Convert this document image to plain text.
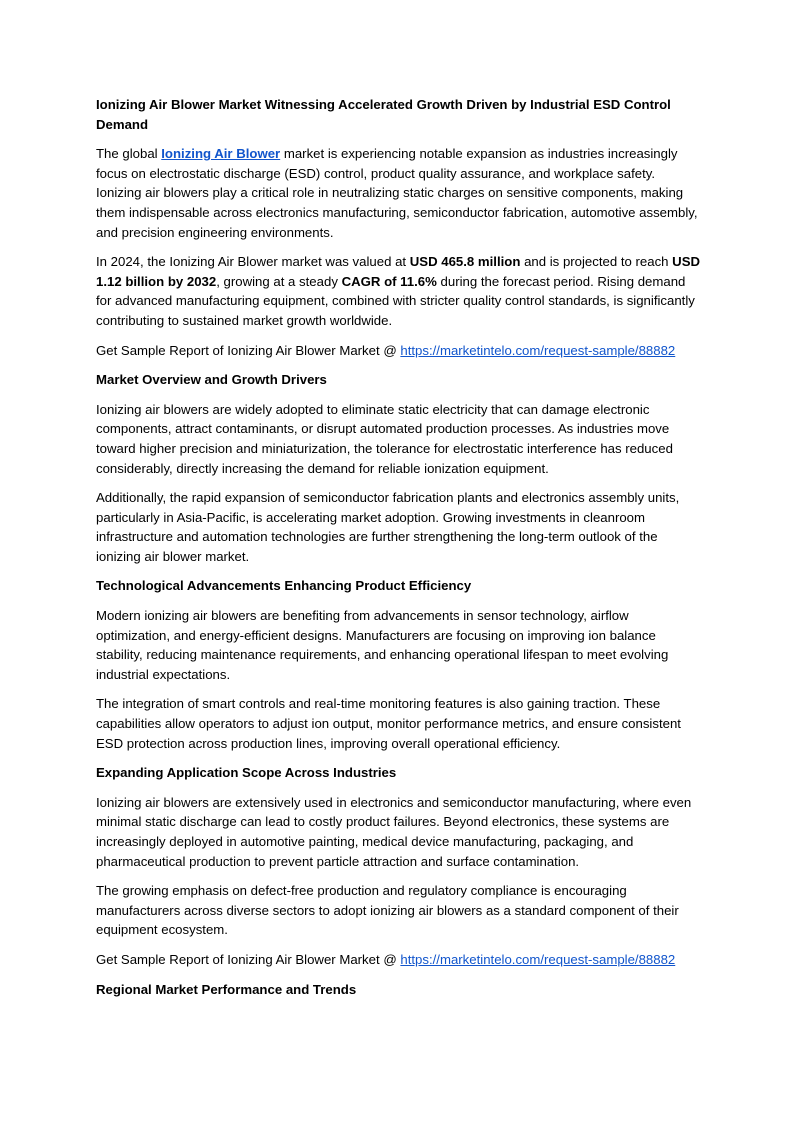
Ionizing Air Blower Market Witnessing Accelerated Growth Driven by Industrial ESD Control Demand

The global Ionizing Air Blower market is experiencing notable expansion as industries increasingly focus on electrostatic discharge (ESD) control, product quality assurance, and workplace safety. Ionizing air blowers play a critical role in neutralizing static charges on sensitive components, making them indispensable across electronics manufacturing, semiconductor fabrication, automotive assembly, and precision engineering environments.

In 2024, the Ionizing Air Blower market was valued at USD 465.8 million and is projected to reach USD 1.12 billion by 2032, growing at a steady CAGR of 11.6% during the forecast period. Rising demand for advanced manufacturing equipment, combined with stricter quality control standards, is significantly contributing to sustained market growth worldwide.

Get Sample Report of Ionizing Air Blower Market @ https://marketintelo.com/request-sample/88882

Market Overview and Growth Drivers

Ionizing air blowers are widely adopted to eliminate static electricity that can damage electronic components, attract contaminants, or disrupt automated production processes. As industries move toward higher precision and miniaturization, the tolerance for electrostatic interference has reduced considerably, directly increasing the demand for reliable ionization equipment.

Additionally, the rapid expansion of semiconductor fabrication plants and electronics assembly units, particularly in Asia-Pacific, is accelerating market adoption. Growing investments in cleanroom infrastructure and automation technologies are further strengthening the long-term outlook of the ionizing air blower market.

Technological Advancements Enhancing Product Efficiency

Modern ionizing air blowers are benefiting from advancements in sensor technology, airflow optimization, and energy-efficient designs. Manufacturers are focusing on improving ion balance stability, reducing maintenance requirements, and enhancing operational lifespan to meet evolving industrial expectations.

The integration of smart controls and real-time monitoring features is also gaining traction. These capabilities allow operators to adjust ion output, monitor performance metrics, and ensure consistent ESD protection across production lines, improving overall operational efficiency.

Expanding Application Scope Across Industries

Ionizing air blowers are extensively used in electronics and semiconductor manufacturing, where even minimal static discharge can lead to costly product failures. Beyond electronics, these systems are increasingly deployed in automotive painting, medical device manufacturing, packaging, and pharmaceutical production to prevent particle attraction and surface contamination.

The growing emphasis on defect-free production and regulatory compliance is encouraging manufacturers across diverse sectors to adopt ionizing air blowers as a standard component of their equipment ecosystem.

Get Sample Report of Ionizing Air Blower Market @ https://marketintelo.com/request-sample/88882

Regional Market Performance and Trends
